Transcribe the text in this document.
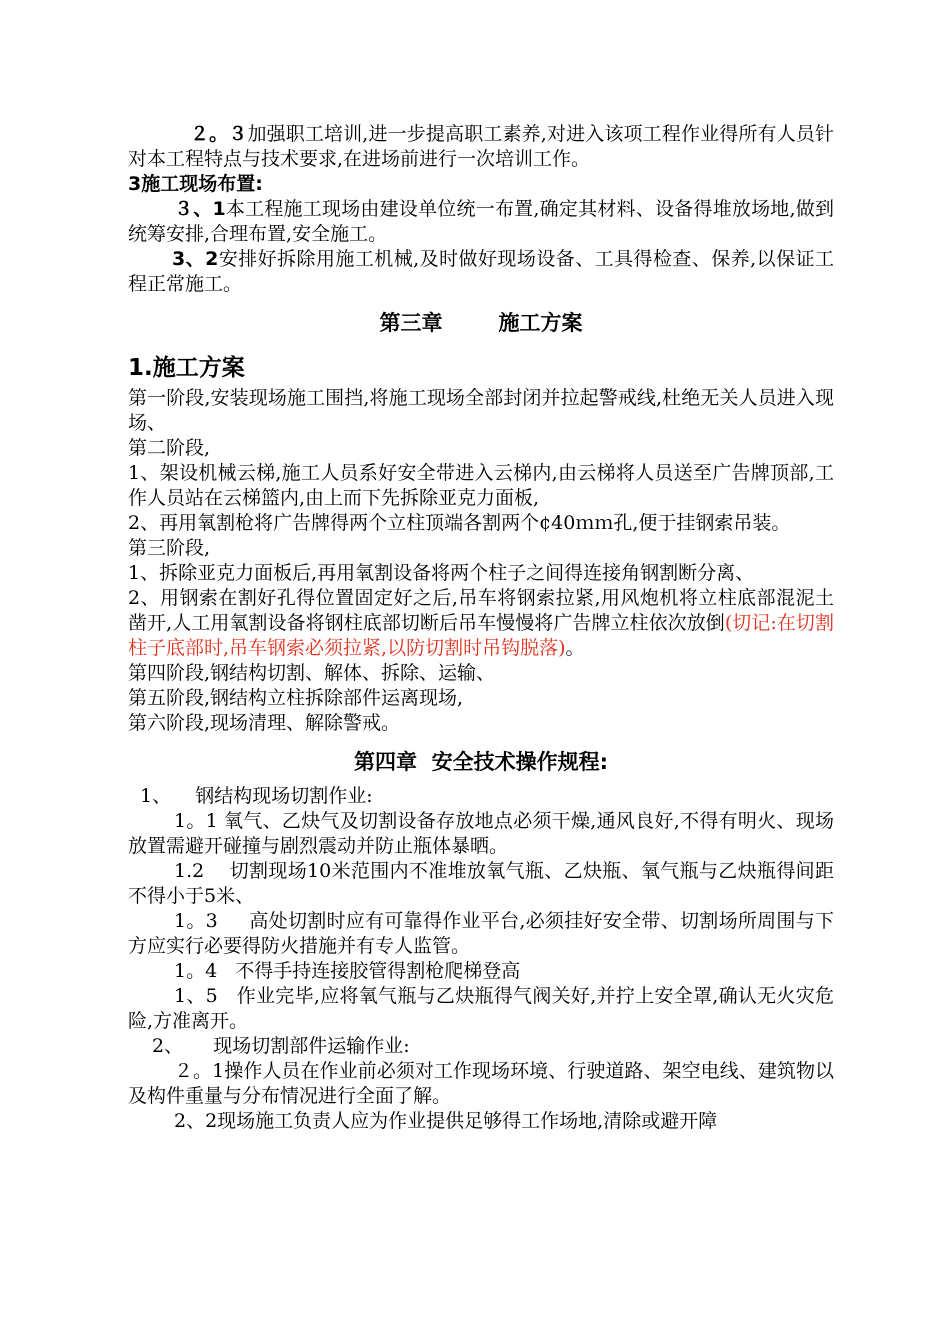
２。３加强职工培训,进一步提高职工素养,对进入该项工程作业得所有人员针对本工程特点与技术要求,在进场前进行一次培训工作。

3施工现场布置:

３、1本工程施工现场由建设单位统一布置,确定其材料、设备得堆放场地,做到统筹安排,合理布置,安全施工。

3、2安排好拆除用施工机械,及时做好现场设备、工具得检查、保养,以保证工程正常施工。

第三章	施工方案

1.施工方案

第一阶段,安装现场施工围挡,将施工现场全部封闭并拉起警戒线,杜绝无关人员进入现场、

第二阶段,

1、架设机械云梯,施工人员系好安全带进入云梯内,由云梯将人员送至广告牌顶部,工作人员站在云梯篮内,由上而下先拆除亚克力面板,

2、再用氧割枪将广告牌得两个立柱顶端各割两个¢40ｍｍ孔,便于挂钢索吊装。

第三阶段,

1、拆除亚克力面板后,再用氧割设备将两个柱子之间得连接角钢割断分离、

2、用钢索在割好孔得位置固定好之后,吊车将钢索拉紧,用风炮机将立柱底部混泥土凿开,人工用氧割设备将钢柱底部切断后吊车慢慢将广告牌立柱依次放倒(切记:在切割柱子底部时,吊车钢索必须拉紧,以防切割时吊钩脱落)。

第四阶段,钢结构切割、解体、拆除、运输、

第五阶段,钢结构立柱拆除部件运离现场,

第六阶段,现场清理、解除警戒。

第四章  安全技术操作规程:

1、    钢结构现场切割作业:

1。1 氧气、乙炔气及切割设备存放地点必须干燥,通风良好,不得有明火、现场放置需避开碰撞与剧烈震动并防止瓶体暴晒。

1.2    切割现场10米范围内不准堆放氧气瓶、乙炔瓶、氧气瓶与乙炔瓶得间距不得小于5米、

1。3     高处切割时应有可靠得作业平台,必须挂好安全带、切割场所周围与下方应实行必要得防火措施并有专人监管。

1。4   不得手持连接胶管得割枪爬梯登高

1、5   作业完毕,应将氧气瓶与乙炔瓶得气阀关好,并拧上安全罩,确认无火灾危险,方准离开。

2、     现场切割部件运输作业:

２。1操作人员在作业前必须对工作现场环境、行驶道路、架空电线、建筑物以及构件重量与分布情况进行全面了解。

2、2现场施工负责人应为作业提供足够得工作场地,清除或避开障
